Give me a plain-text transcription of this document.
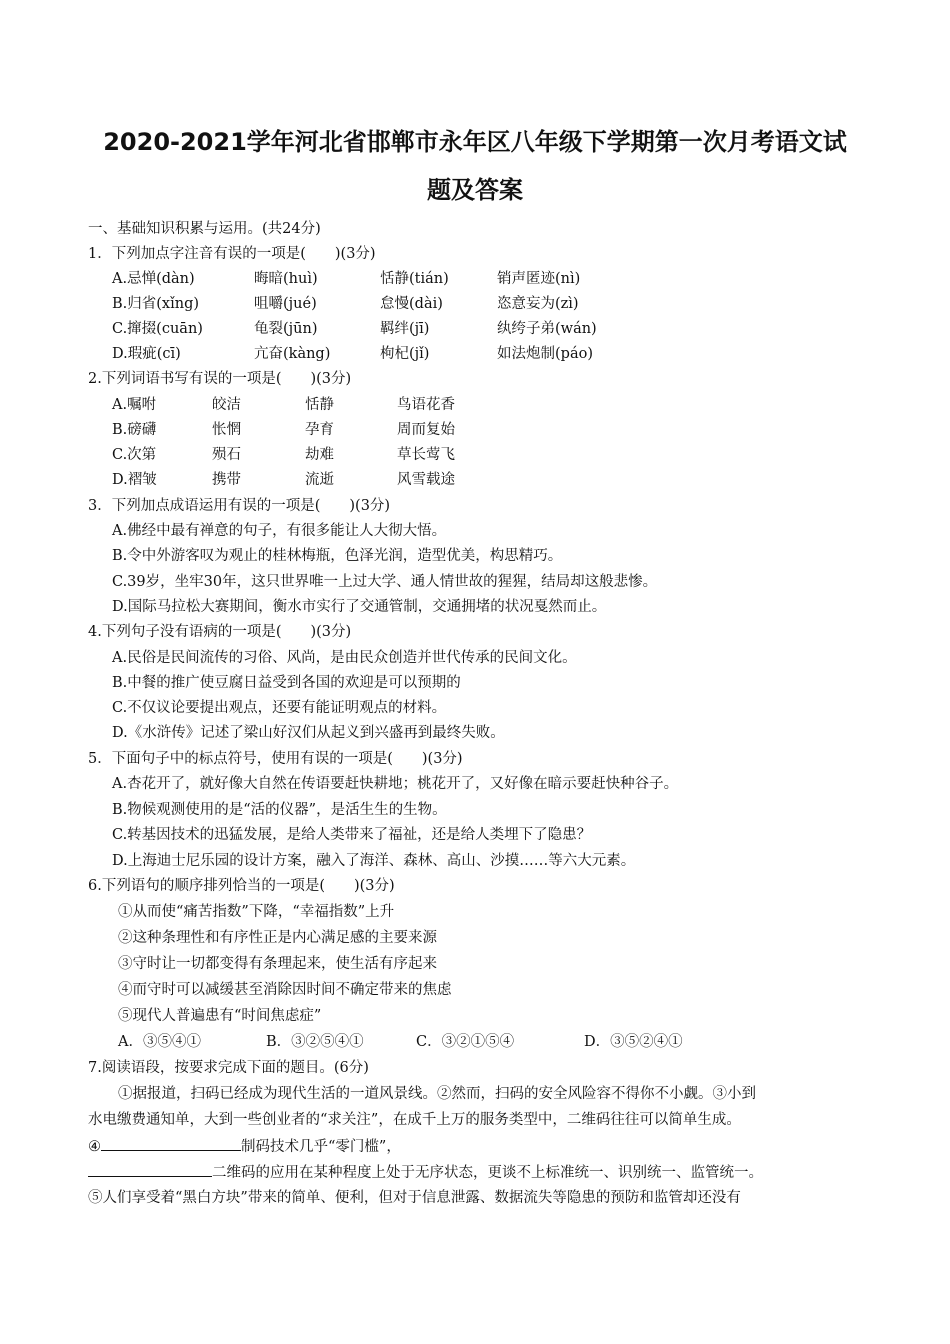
2020-2021学年河北省邯郸市永年区八年级下学期第一次月考语文试
题及答案
一、基础知识积累与运用。(共24分)
1．下列加点字注音有误的一项是(　　)(3分)
A.忌惮(dàn)	晦暗(huì)	恬静(tián)	销声匿迹(nì)
B.归省(xǐng)	咀嚼(jué)	怠慢(dài)	恣意妄为(zì)
C.撺掇(cuān)	龟裂(jūn)	羁绊(jī)	纨绔子弟(wán)
D.瑕疵(cī)	亢奋(kàng)	枸杞(jǐ)	如法炮制(páo)
2.下列词语书写有误的一项是(　　)(3分)
A.嘱咐	皎洁	恬静	鸟语花香
B.磅礴	怅惘	孕育	周而复始
C.次第	殒石	劫难	草长莺飞
D.褶皱	携带	流逝	风雪载途
3．下列加点成语运用有误的一项是(　　)(3分)
A.佛经中最有禅意的句子，有很多能让人大彻大悟。
B.令中外游客叹为观止的桂林梅瓶，色泽光润，造型优美，构思精巧。
C.39岁，坐牢30年，这只世界唯一上过大学、通人情世故的猩猩，结局却这般悲惨。
D.国际马拉松大赛期间，衡水市实行了交通管制，交通拥堵的状况戛然而止。
4.下列句子没有语病的一项是(　　)(3分)
A.民俗是民间流传的习俗、风尚，是由民众创造并世代传承的民间文化。
B.中餐的推广使豆腐日益受到各国的欢迎是可以预期的
C.不仅议论要提出观点，还要有能证明观点的材料。
D.《水浒传》记述了梁山好汉们从起义到兴盛再到最终失败。
5．下面句子中的标点符号，使用有误的一项是(　　)(3分)
A.杏花开了，就好像大自然在传语要赶快耕地；桃花开了，又好像在暗示要赶快种谷子。
B.物候观测使用的是“活的仪器”，是活生生的生物。
C.转基因技术的迅猛发展，是给人类带来了福祉，还是给人类埋下了隐患？
D.上海迪士尼乐园的设计方案，融入了海洋、森林、高山、沙摸……等六大元素。
6.下列语句的顺序排列恰当的一项是(　　)(3分)
①从而使“痛苦指数”下降，“幸福指数”上升
②这种条理性和有序性正是内心满足感的主要来源
③守时让一切都变得有条理起来，使生活有序起来
④而守时可以减缓甚至消除因时间不确定带来的焦虑
⑤现代人普遍患有“时间焦虑症”
A．③⑤④①	B．③②⑤④①	C．③②①⑤④	D．③⑤②④①
7.阅读语段，按要求完成下面的题目。(6分)
①据报道，扫码已经成为现代生活的一道风景线。②然而，扫码的安全风险容不得你不小觑。③小到
水电缴费通知单，大到一些创业者的“求关注”，在成千上万的服务类型中，二维码往往可以简单生成。
④	制码技术几乎“零门槛”，
二维码的应用在某种程度上处于无序状态，更谈不上标准统一、识别统一、监管统一。
⑤人们享受着“黑白方块”带来的简单、便利，但对于信息泄露、数据流失等隐患的预防和监管却还没有
